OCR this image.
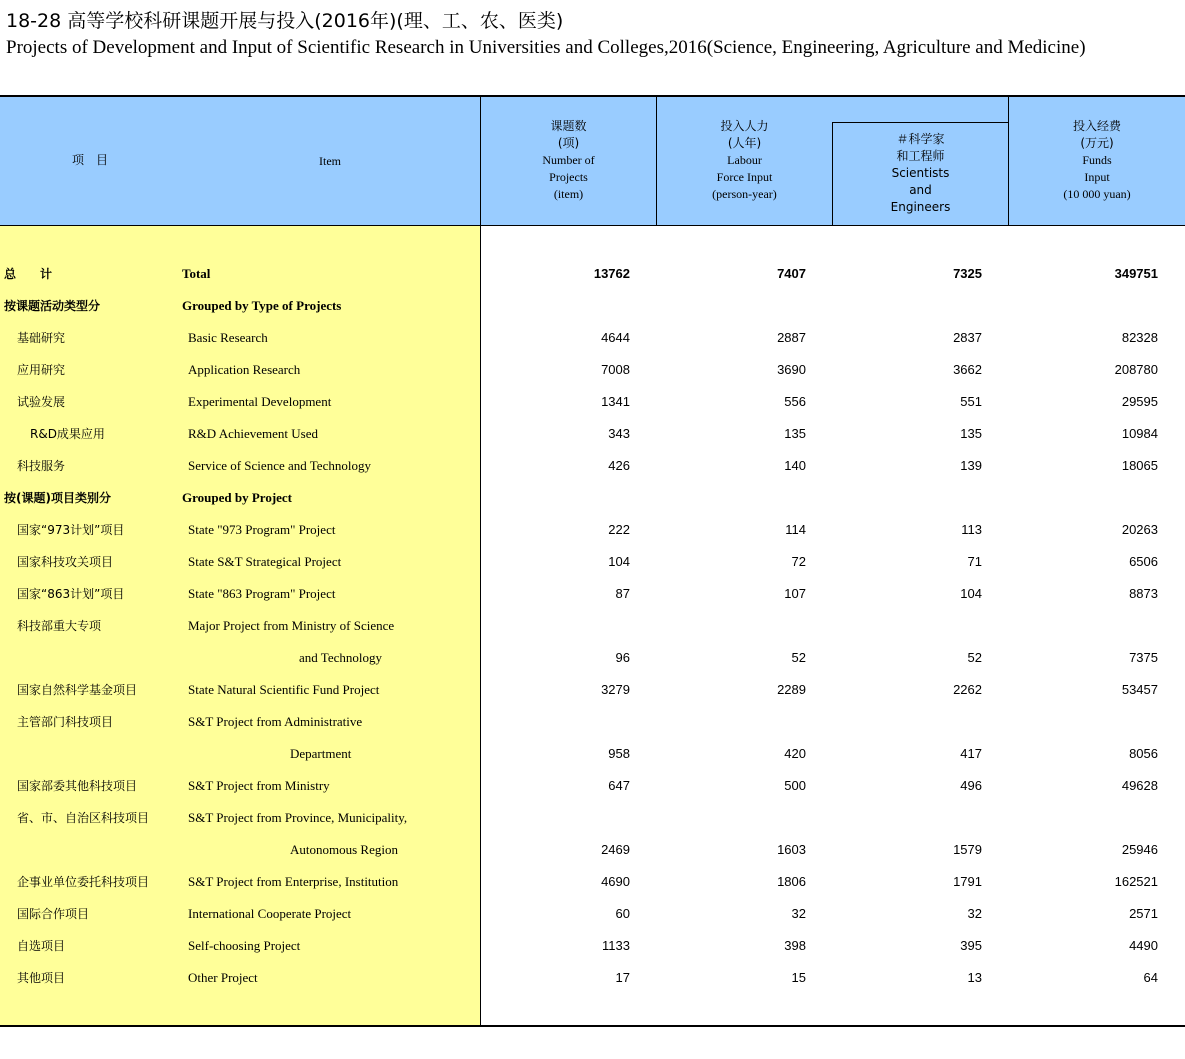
18-28 高等学校科研课题开展与投入(2016年)(理、工、农、医类)
Projects of Development and Input of Scientific Research in Universities and Colleges,2016(Science, Engineering, Agriculture and Medicine)
项　目	Item
课题数
(项)
Number of
Projects
(item)
投入人力
(人年)
Labour
Force Input
(person-year)
＃科学家
和工程师
Scientists
and
Engineers
投入经费
(万元)
Funds
Input
(10 000 yuan)
总　　计	Total	13762	7407	7325	349751
按课题活动类型分	Grouped by Type of Projects
基础研究	Basic Research	4644	2887	2837	82328
应用研究	Application Research	7008	3690	3662	208780
试验发展	Experimental Development	1341	556	551	29595
R&D成果应用	R&D Achievement Used	343	135	135	10984
科技服务	Service of Science and Technology	426	140	139	18065
按(课题)项目类别分	Grouped by Project
国家“973计划”项目	State "973 Program" Project	222	114	113	20263
国家科技攻关项目	State S&T Strategical Project	104	72	71	6506
国家“863计划”项目	State "863 Program" Project	87	107	104	8873
科技部重大专项	Major Project from Ministry of Science
and Technology	96	52	52	7375
国家自然科学基金项目	State Natural Scientific Fund Project	3279	2289	2262	53457
主管部门科技项目	S&T Project from Administrative
Department	958	420	417	8056
国家部委其他科技项目	S&T Project from Ministry	647	500	496	49628
省、市、自治区科技项目	S&T Project from Province, Municipality,
Autonomous Region	2469	1603	1579	25946
企事业单位委托科技项目	S&T Project from Enterprise, Institution	4690	1806	1791	162521
国际合作项目	International Cooperate Project	60	32	32	2571
自选项目	Self-choosing Project	1133	398	395	4490
其他项目	Other Project	17	15	13	64
